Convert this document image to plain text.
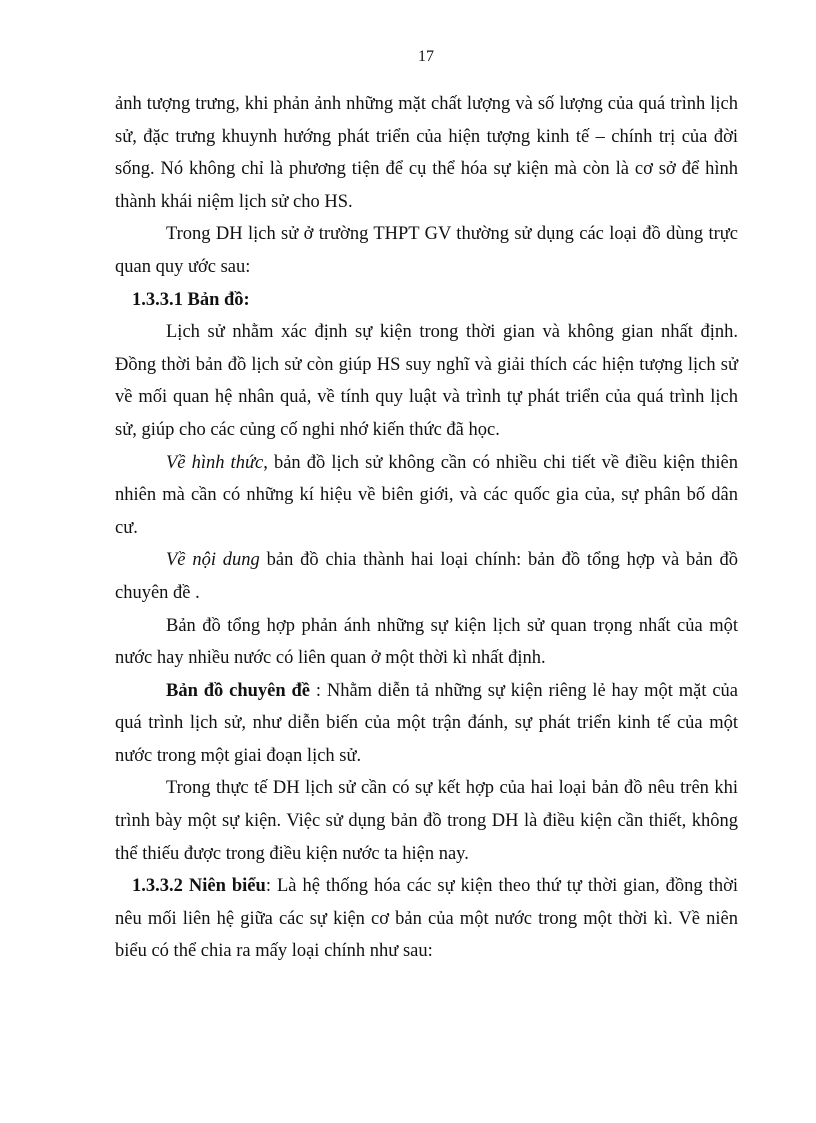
17

ảnh tượng trưng, khi phản ảnh những mặt chất lượng và số lượng của quá trình lịch sử, đặc trưng khuynh hướng phát triển của hiện tượng kinh tế – chính trị của đời sống. Nó không chỉ là phương tiện để cụ thể hóa sự kiện mà còn là cơ sở để hình thành khái niệm lịch sử cho HS.

Trong DH lịch sử ở trường THPT GV thường sử dụng các loại đồ dùng trực quan quy ước sau:

1.3.3.1 Bản đồ:

Lịch sử nhằm xác định sự kiện trong thời gian và không gian nhất định. Đồng thời bản đồ lịch sử còn giúp HS suy nghĩ và giải thích các hiện tượng lịch sử về mối quan hệ nhân quả, về tính quy luật và trình tự phát triển của quá trình lịch sử, giúp cho các củng cố nghi nhớ kiến thức đã học.

Về hình thức, bản đồ lịch sử không cần có nhiều chi tiết về điều kiện thiên nhiên mà cần có những kí hiệu về biên giới, và các quốc gia của, sự phân bố dân cư.

Về nội dung bản đồ chia thành hai loại chính: bản đồ tổng hợp và bản đồ chuyên đề .

Bản đồ tổng hợp phản ánh những sự kiện lịch sử quan trọng nhất của một nước hay nhiều nước có liên quan ở một thời kì nhất định.

Bản đồ chuyên đề : Nhằm diễn tả những sự kiện riêng lẻ hay một mặt của quá trình lịch sử, như diễn biến của một trận đánh, sự phát triển kinh tế của một nước trong một giai đoạn lịch sử.

Trong thực tế DH lịch sử cần có sự kết hợp của hai loại bản đồ nêu trên khi trình bày một sự kiện. Việc sử dụng bản đồ trong DH là điều kiện cần thiết, không thể thiếu được trong điều kiện nước ta hiện nay.

1.3.3.2 Niên biểu: Là hệ thống hóa các sự kiện theo thứ tự thời gian, đồng thời nêu mối liên hệ giữa các sự kiện cơ bản của một nước trong một thời kì. Về niên biểu có thể chia ra mấy loại chính như sau:
